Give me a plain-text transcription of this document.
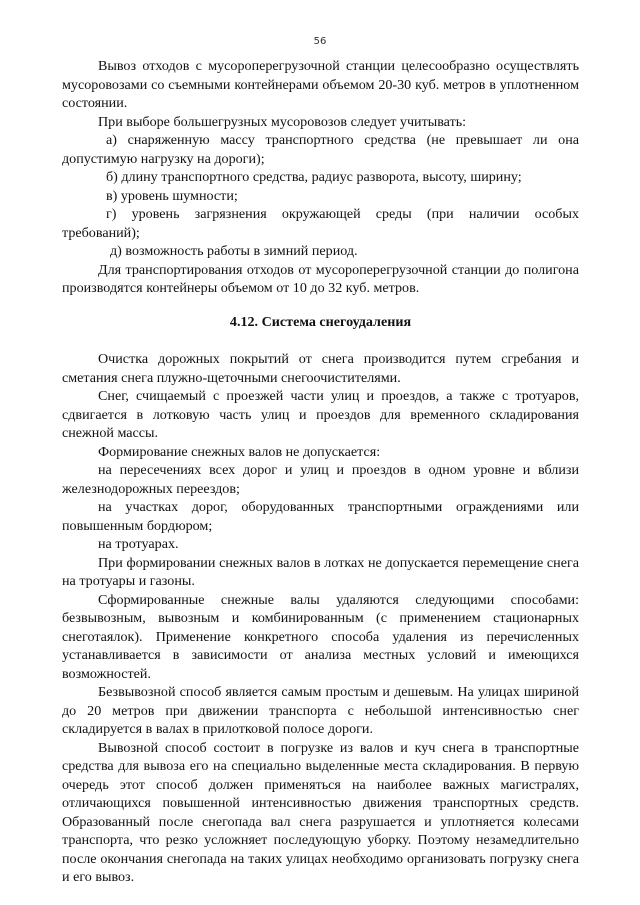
56

Вывоз отходов с мусороперегрузочной станции целесообразно осуществлять мусоровозами со съемными контейнерами объемом 20-30 куб. метров в уплотненном состоянии.

При выборе большегрузных мусоровозов следует учитывать:

а) снаряженную массу транспортного средства (не превышает ли она допустимую нагрузку на дороги);

б) длину транспортного средства, радиус разворота, высоту, ширину;

в) уровень шумности;

г) уровень загрязнения окружающей среды (при наличии особых требований);

д) возможность работы в зимний период.

Для транспортирования отходов от мусороперегрузочной станции до полигона производятся контейнеры объемом от 10 до 32 куб. метров.

4.12. Система снегоудаления

Очистка дорожных покрытий от снега производится путем сгребания и сметания снега плужно-щеточными снегоочистителями.

Снег, счищаемый с проезжей части улиц и проездов, а также с тротуаров, сдвигается в лотковую часть улиц и проездов для временного складирования снежной массы.

Формирование снежных валов не допускается:

на пересечениях всех дорог и улиц и проездов в одном уровне и вблизи железнодорожных переездов;

на участках дорог, оборудованных транспортными ограждениями или повышенным бордюром;

на тротуарах.

При формировании снежных валов в лотках не допускается перемещение снега на тротуары и газоны.

Сформированные снежные валы удаляются следующими способами: безвывозным, вывозным и комбинированным (с применением стационарных снеготаялок). Применение конкретного способа удаления из перечисленных устанавливается в зависимости от анализа местных условий и имеющихся возможностей.

Безвывозной способ является самым простым и дешевым. На улицах шириной до 20 метров при движении транспорта с небольшой интенсивностью снег складируется в валах в прилотковой полосе дороги.

Вывозной способ состоит в погрузке из валов и куч снега в транспортные средства для вывоза его на специально выделенные места складирования. В первую очередь этот способ должен применяться на наиболее важных магистралях, отличающихся повышенной интенсивностью движения транспортных средств. Образованный после снегопада вал снега разрушается и уплотняется колесами транспорта, что резко усложняет последующую уборку. Поэтому незамедлительно после окончания снегопада на таких улицах необходимо организовать погрузку снега и его вывоз.
